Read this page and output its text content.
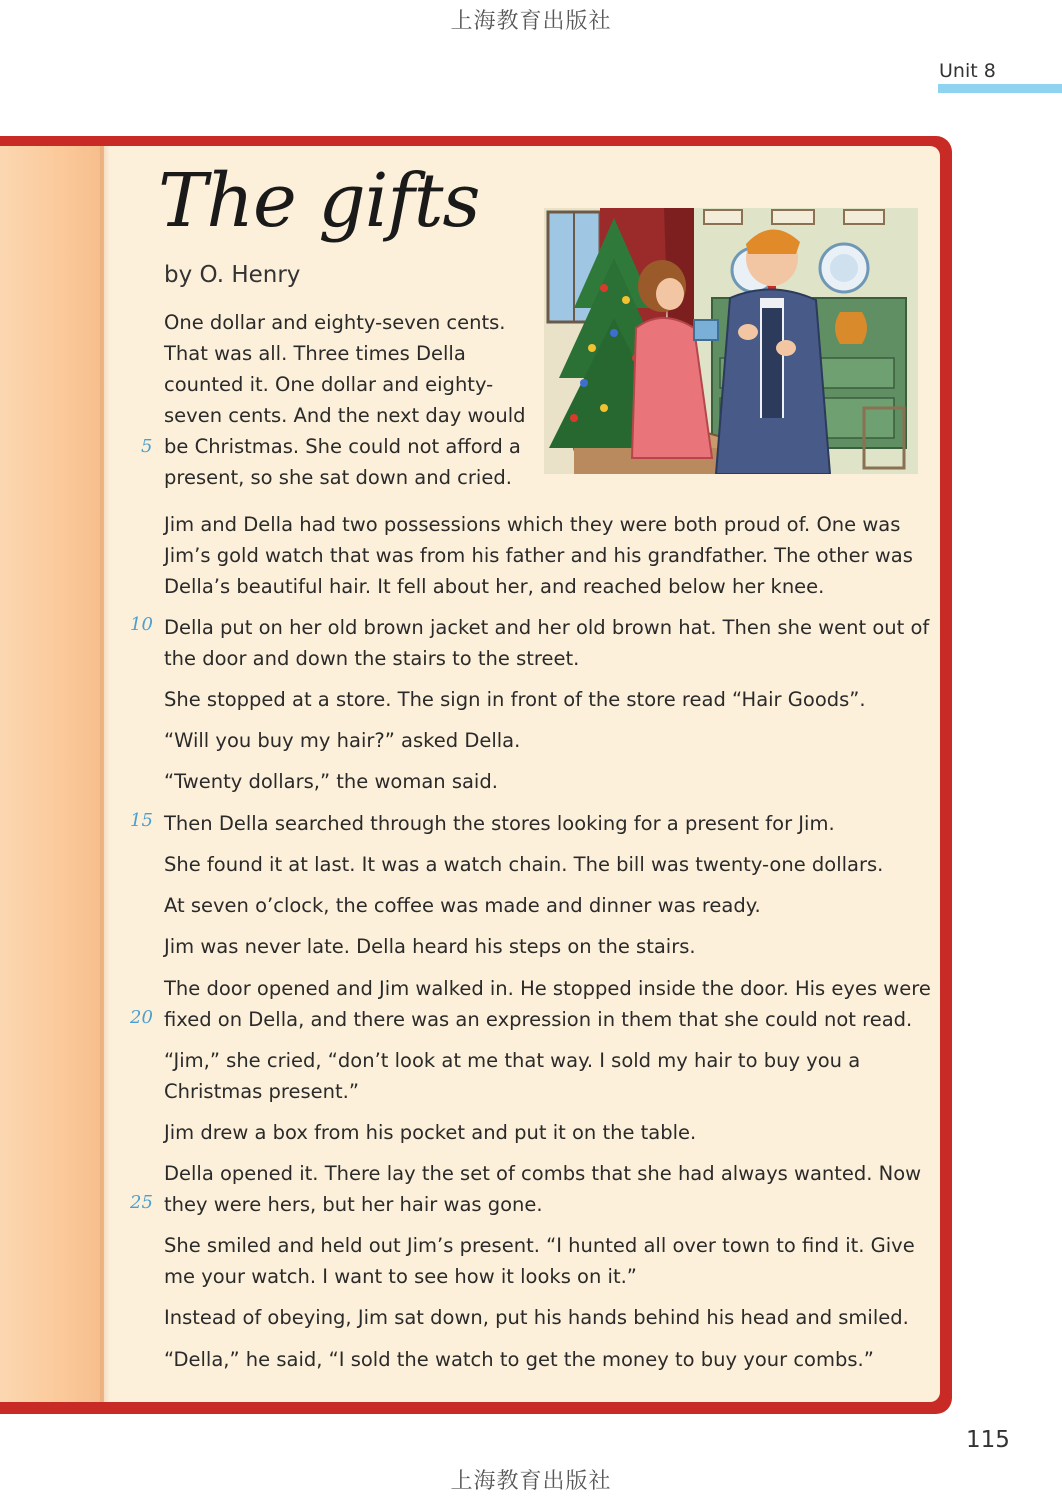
上海教育出版社
Unit 8
The gifts
by O. Henry
One dollar and eighty-seven cents.
That was all. Three times Della
counted it. One dollar and eighty-
seven cents. And the next day would
be Christmas. She could not afford a
present, so she sat down and cried.
5
Jim and Della had two possessions which they were both proud of. One was
Jim’s gold watch that was from his father and his grandfather. The other was
Della’s beautiful hair. It fell about her, and reached below her knee.
Della put on her old brown jacket and her old brown hat. Then she went out of
the door and down the stairs to the street.
10
She stopped at a store. The sign in front of the store read “Hair Goods”.
“Will you buy my hair?” asked Della.
“Twenty dollars,” the woman said.
Then Della searched through the stores looking for a present for Jim.
15
She found it at last. It was a watch chain. The bill was twenty-one dollars.
At seven o’clock, the coffee was made and dinner was ready.
Jim was never late. Della heard his steps on the stairs.
The door opened and Jim walked in. He stopped inside the door. His eyes were
fixed on Della, and there was an expression in them that she could not read.
20
“Jim,” she cried, “don’t look at me that way. I sold my hair to buy you a
Christmas present.”
Jim drew a box from his pocket and put it on the table.
Della opened it. There lay the set of combs that she had always wanted. Now
they were hers, but her hair was gone.
25
She smiled and held out Jim’s present. “I hunted all over town to find it. Give
me your watch. I want to see how it looks on it.”
Instead of obeying, Jim sat down, put his hands behind his head and smiled.
“Della,” he said, “I sold the watch to get the money to buy your combs.”
115
上海教育出版社
